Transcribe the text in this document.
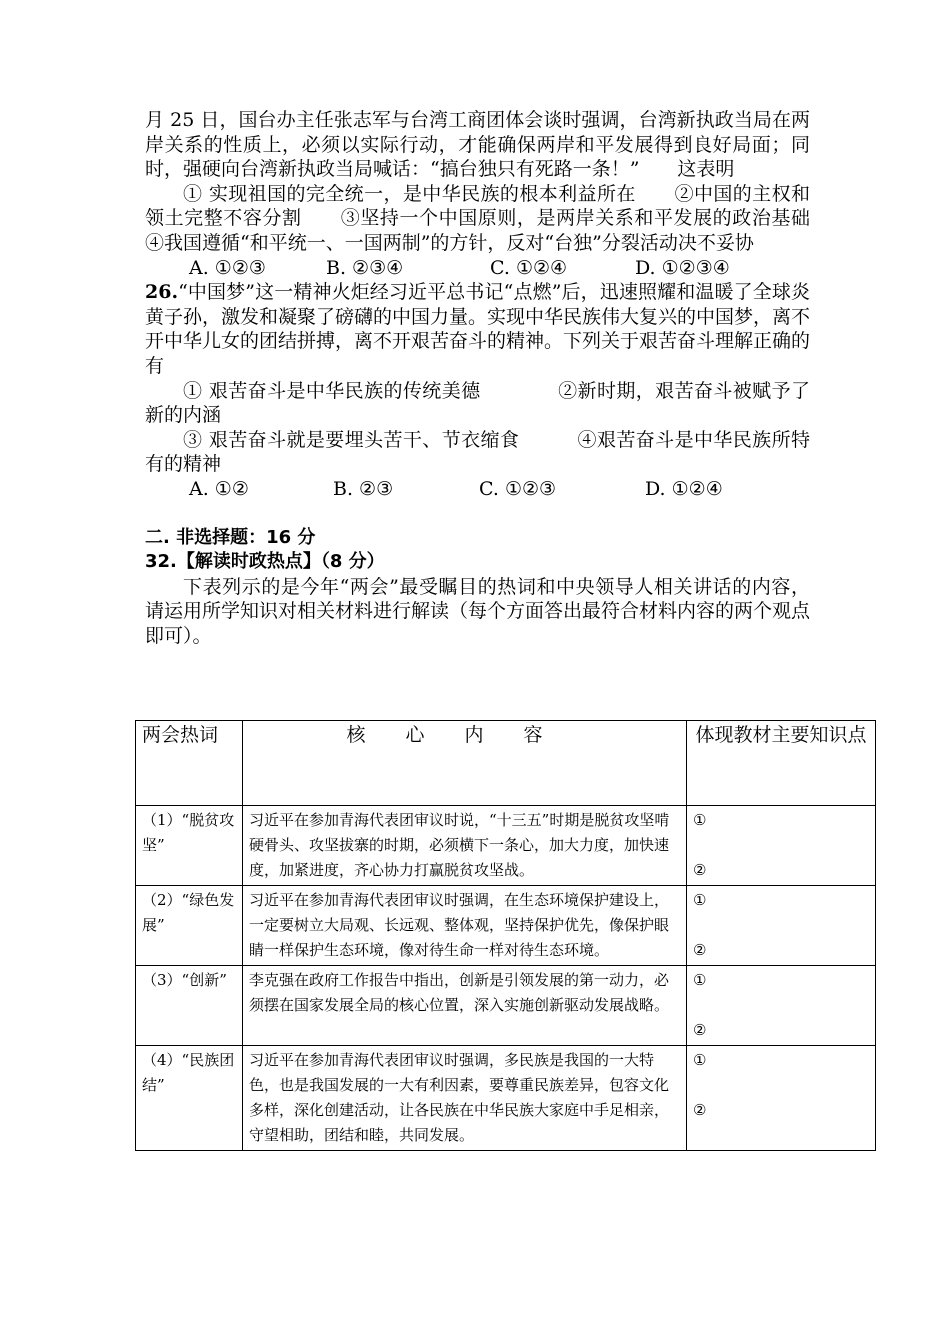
月 25 日，国台办主任张志军与台湾工商团体会谈时强调，台湾新执政当局在两岸关系的性质上，必须以实际行动，才能确保两岸和平发展得到良好局面；同时，强硬向台湾新执政当局喊话：“搞台独只有死路一条！”　　这表明

① 实现祖国的完全统一，是中华民族的根本利益所在　　②中国的主权和领土完整不容分割　　③坚持一个中国原则，是两岸关系和平发展的政治基础　　④我国遵循“和平统一、一国两制”的方针，反对“台独”分裂活动决不妥协

A. ①②③	B. ②③④	C. ①②④	D. ①②③④

26.“中国梦”这一精神火炬经习近平总书记“点燃”后，迅速照耀和温暖了全球炎黄子孙，激发和凝聚了磅礴的中国力量。实现中华民族伟大复兴的中国梦，离不开中华儿女的团结拼搏，离不开艰苦奋斗的精神。下列关于艰苦奋斗理解正确的有

① 艰苦奋斗是中华民族的传统美德　　　　②新时期，艰苦奋斗被赋予了新的内涵

③ 艰苦奋斗就是要埋头苦干、节衣缩食　　　④艰苦奋斗是中华民族所特有的精神

A. ①②	B. ②③	C. ①②③	D. ①②④

二. 非选择题：16 分

32.【解读时政热点】（8 分）

下表列示的是今年“两会”最受瞩目的热词和中央领导人相关讲话的内容，请运用所学知识对相关材料进行解读（每个方面答出最符合材料内容的两个观点即可）。

两会热词	核心内容	体现教材主要知识点
（1）“脱贫攻坚”	习近平在参加青海代表团审议时说，“十三五”时期是脱贫攻坚啃硬骨头、攻坚拔寨的时期，必须横下一条心，加大力度，加快速度，加紧进度，齐心协力打赢脱贫攻坚战。	①
②

（2）“绿色发展”	习近平在参加青海代表团审议时强调，在生态环境保护建设上，一定要树立大局观、长远观、整体观，坚持保护优先，像保护眼睛一样保护生态环境，像对待生命一样对待生态环境。	①
②

（3）“创新”	李克强在政府工作报告中指出，创新是引领发展的第一动力，必须摆在国家发展全局的核心位置，深入实施创新驱动发展战略。	①
②

（4）“民族团结”	习近平在参加青海代表团审议时强调，多民族是我国的一大特色，也是我国发展的一大有利因素，要尊重民族差异，包容文化多样，深化创建活动，让各民族在中华民族大家庭中手足相亲，守望相助，团结和睦，共同发展。	①
②
